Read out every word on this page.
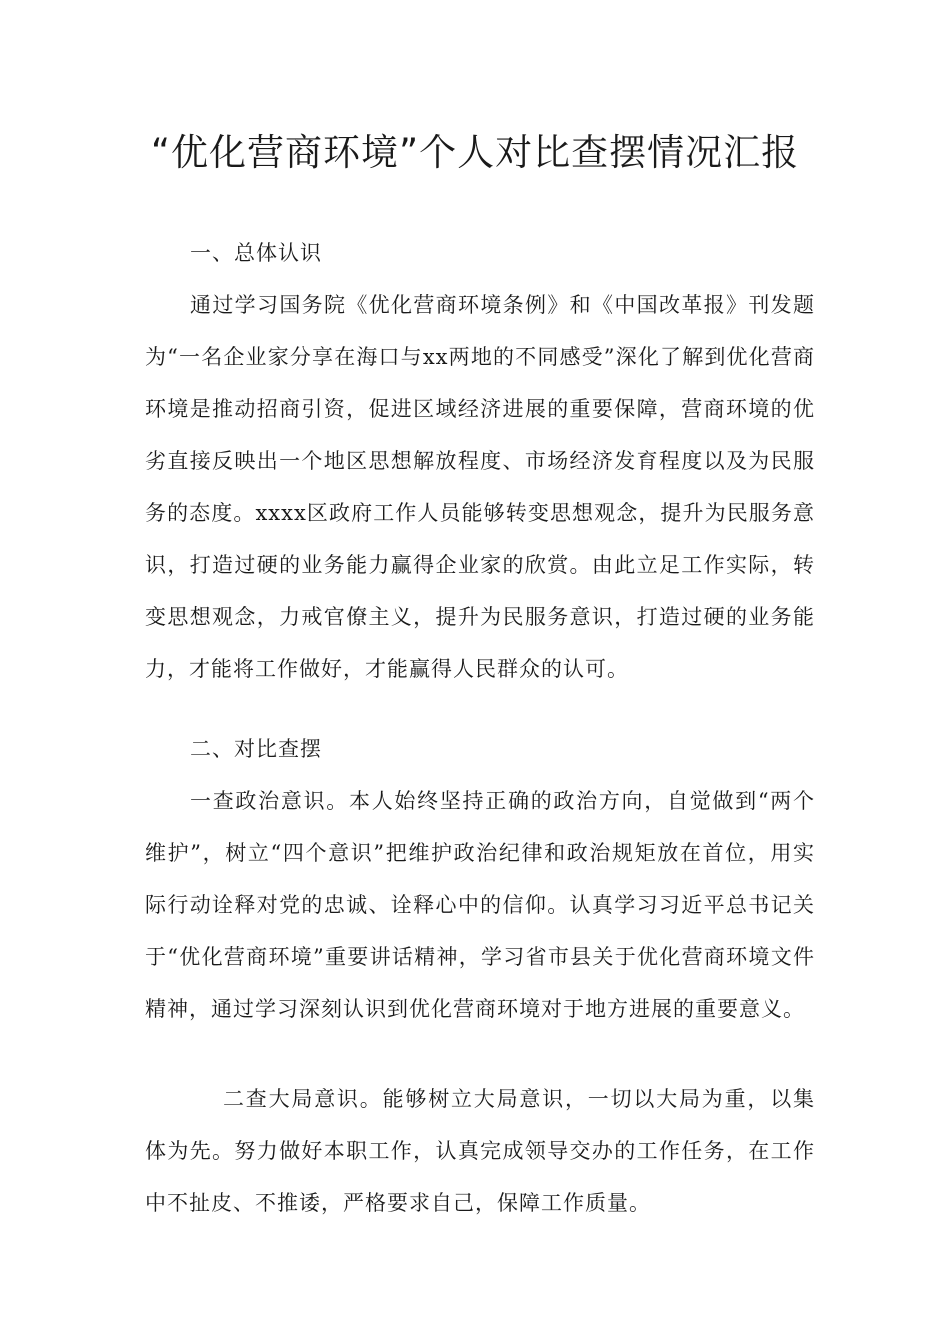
“优化营商环境”个人对比查摆情况汇报

一、总体认识

通过学习国务院《优化营商环境条例》和《中国改革报》刊发题为“一名企业家分享在海口与xx两地的不同感受”深化了解到优化营商环境是推动招商引资，促进区域经济进展的重要保障，营商环境的优劣直接反映出一个地区思想解放程度、市场经济发育程度以及为民服务的态度。xxxx区政府工作人员能够转变思想观念，提升为民服务意识，打造过硬的业务能力赢得企业家的欣赏。由此立足工作实际，转变思想观念，力戒官僚主义，提升为民服务意识，打造过硬的业务能力，才能将工作做好，才能赢得人民群众的认可。

二、对比查摆

一查政治意识。本人始终坚持正确的政治方向，自觉做到“两个维护”，树立“四个意识”把维护政治纪律和政治规矩放在首位，用实际行动诠释对党的忠诚、诠释心中的信仰。认真学习习近平总书记关于“优化营商环境”重要讲话精神，学习省市县关于优化营商环境文件精神，通过学习深刻认识到优化营商环境对于地方进展的重要意义。

二查大局意识。能够树立大局意识，一切以大局为重，以集体为先。努力做好本职工作，认真完成领导交办的工作任务，在工作中不扯皮、不推诿，严格要求自己，保障工作质量。
